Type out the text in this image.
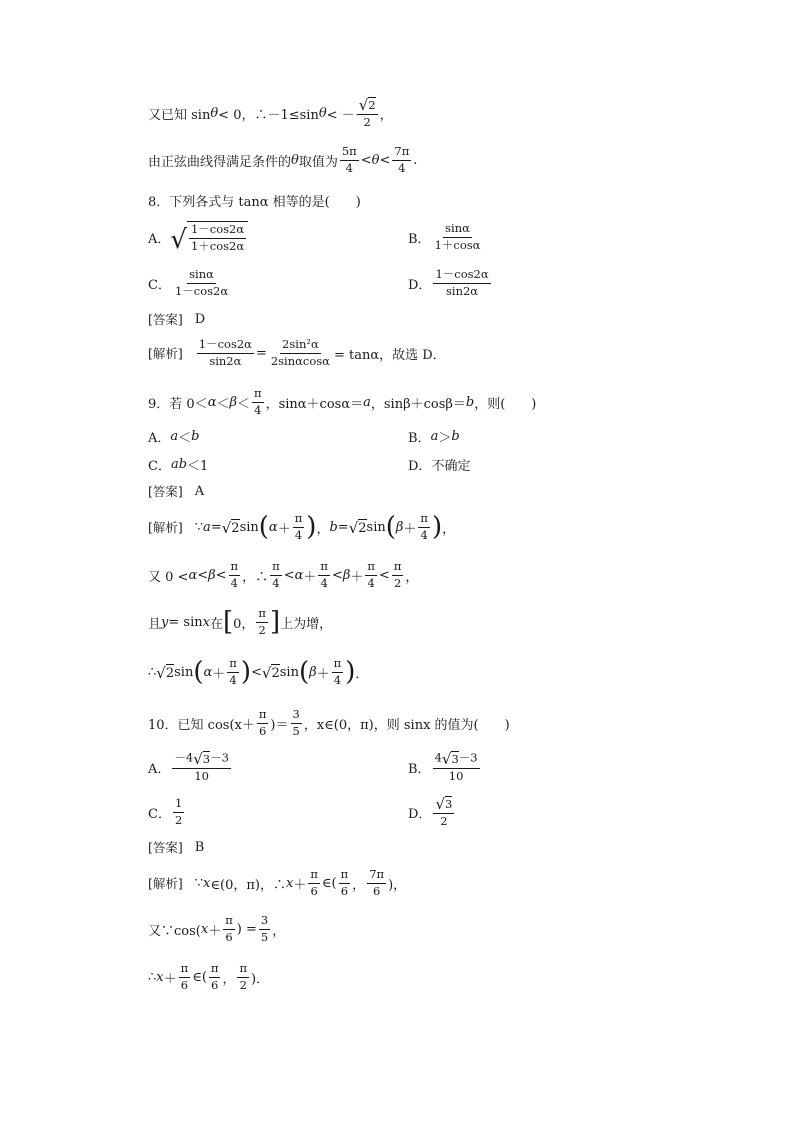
又已知 sin θ < 0，∴－1≤sin θ < － $\frac{√ 2}{2}$ ，
由正弦曲线得满足条件的 θ 取值为 $\frac{5\pi}{4} < \theta < \frac{7\pi}{4}$ .
8．下列各式与 tanα 相等的是(　　)
A． √ $\frac{1-\cos 2\alpha}{1+\cos 2\alpha}$	B． $\frac{\sin\alpha}{1+\cos\alpha}$
C． $\frac{\sin\alpha}{1-\cos 2\alpha}$	D． $\frac{1-\cos 2\alpha}{\sin 2\alpha}$
[答案] D
[解析] $\frac{1-\cos 2\alpha}{\sin 2\alpha} = \frac{\text{2sin²α}}{2\sin\alpha\cos\alpha} = \tan\alpha$，故选 D．
9．若 $0< \alpha < \beta < \frac{\pi}{4}$ ，sinα＋cosα＝ a ，sinβ＋cosβ＝ b ，则(　　)
A． a ＜ b	B． a ＞ b
C． ab ＜1	D． 不确定
[答案] A
[解析] ∵ a = √ 2 sin ( $\alpha + \frac{\pi}{4}$ ) ， b = √ 2 sin ( $\beta + \frac{\pi}{4}$ ) ，
又 $0 < \alpha < \beta < \frac{\pi}{4}$ ，∴ $\frac{\pi}{4} < \alpha + \frac{\pi}{4} < \beta + \frac{\pi}{4} < \frac{\pi}{2}$ ，
且 y = sin x 在 [ 0， $\frac{\pi}{2}$ ] 上为增，
∴ √ 2 sin ( $\alpha + \frac{\pi}{4}$ ) < √ 2 sin ( $\beta + \frac{\pi}{4}$ ) ．
10．已知 $\cos(x+ \frac{\pi}{6}$ )＝ $\frac{3}{5}$ ，x∈(0，π)，则 sinx 的值为(　　)
A． $\frac{-4 √ 3 -3}{10}$	B． $\frac{4 √ 3 -3}{10}$
C． $\frac{1}{2}$	D． $\frac{√ 3}{2}$
[答案] B
[解析] ∵ x ∈(0，π)，∴ $x + \frac{\pi}{6}$ ∈( $\frac{\pi}{6}$ ， $\frac{7\pi}{6}$ )，
又∵cos( $x + \frac{\pi}{6}$ ) = $\frac{3}{5}$ ，
∴ $x + \frac{\pi}{6}$ ∈( $\frac{\pi}{6}$ ， $\frac{\pi}{2}$ )．
